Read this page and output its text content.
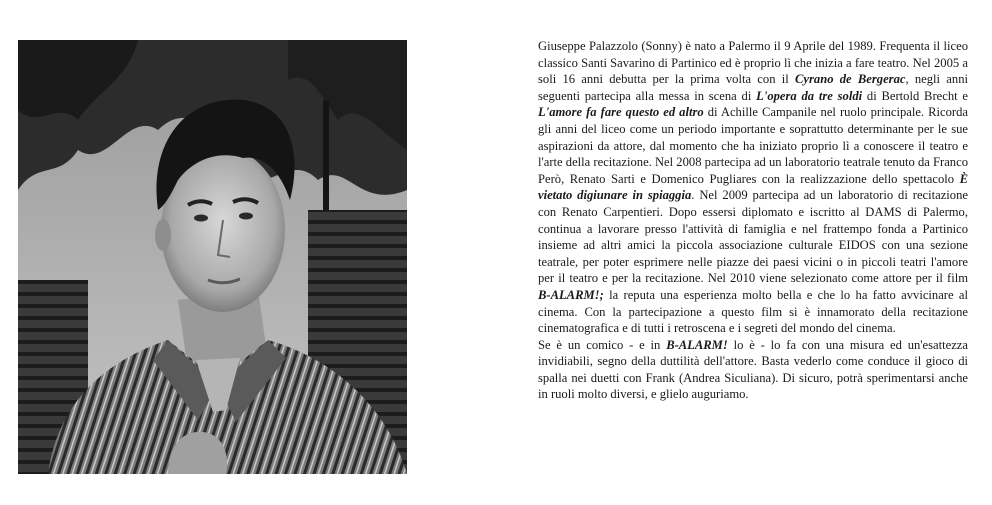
Giuseppe Palazzolo (Sonny) è nato a Palermo il 9 Aprile del 1989. Frequenta il liceo classico Santi Savarino di Partinico ed è proprio lì che inizia a fare teatro. Nel 2005 a soli 16 anni debutta per la prima volta con il Cyrano de Bergerac, negli anni seguenti partecipa alla messa in scena di L'opera da tre soldi di Bertold Brecht e L'amore fa fare questo ed altro di Achille Campanile nel ruolo principale. Ricorda gli anni del liceo come un periodo importante e soprattutto determinante per le sue aspirazioni da attore, dal momento che ha iniziato proprio lì a conoscere il teatro e l'arte della recitazione. Nel 2008 partecipa ad un laboratorio teatrale tenuto da Franco Però, Renato Sarti e Domenico Pugliares con la realizzazione dello spettacolo È vietato digiunare in spiaggia. Nel 2009 partecipa ad un laboratorio di recitazione con Renato Carpentieri. Dopo essersi diplomato e iscritto al DAMS di Palermo, continua a lavorare presso l'attività di famiglia e nel frattempo fonda a Partinico insieme ad altri amici la piccola associazione culturale EIDOS con una sezione teatrale, per poter esprimere nelle piazze dei paesi vicini o in piccoli teatri l'amore per il teatro e per la recitazione. Nel 2010 viene selezionato come attore per il film B-ALARM!; la reputa una esperienza molto bella e che lo ha fatto avvicinare al cinema. Con la partecipazione a questo film si è innamorato della recitazione cinematografica e di tutti i retroscena e i segreti del mondo del cinema.

Se è un comico - e in B-ALARM! lo è - lo fa con una misura ed un'esattezza invidiabili, segno della duttilità dell'attore. Basta vederlo come conduce il gioco di spalla nei duetti con Frank (Andrea Siculiana). Di sicuro, potrà sperimentarsi anche in ruoli molto diversi, e glielo auguriamo.
